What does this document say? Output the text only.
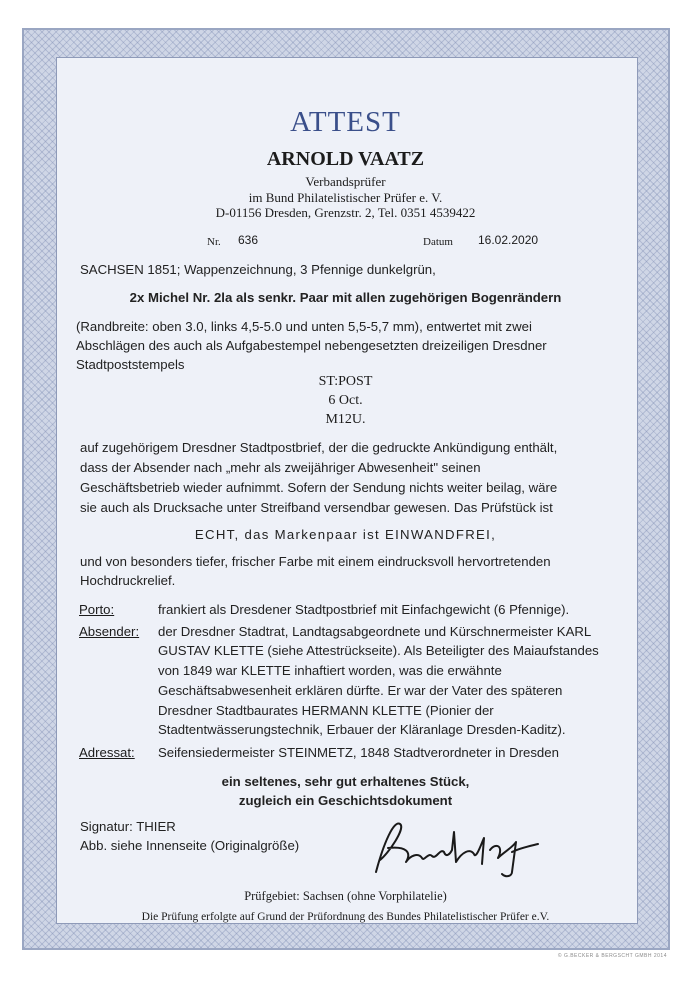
ATTEST
ARNOLD VAATZ
Verbandsprüfer
im Bund Philatelistischer Prüfer e. V.
D-01156 Dresden, Grenzstr. 2, Tel. 0351 4539422
Nr. 636	Datum 16.02.2020
SACHSEN 1851; Wappenzeichnung, 3 Pfennige dunkelgrün,
2x Michel Nr. 2la als senkr. Paar mit allen zugehörigen Bogenrändern
(Randbreite: oben 3.0, links 4,5-5.0 und unten 5,5-5,7 mm), entwertet mit zwei
Abschlägen des auch als Aufgabestempel nebengesetzten dreizeiligen Dresdner
Stadtpoststempels
ST:POST
6 Oct.
M12U.
auf zugehörigem Dresdner Stadtpostbrief, der die gedruckte Ankündigung enthält,
dass der Absender nach „mehr als zweijähriger Abwesenheit" seinen
Geschäftsbetrieb wieder aufnimmt. Sofern der Sendung nichts weiter beilag, wäre
sie auch als Drucksache unter Streifband versendbar gewesen. Das Prüfstück ist
ECHT, das Markenpaar ist EINWANDFREI,
und von besonders tiefer, frischer Farbe mit einem eindrucksvoll hervortretenden
Hochdruckrelief.
Porto:	frankiert als Dresdener Stadtpostbrief mit Einfachgewicht (6 Pfennige).
Absender: der Dresdner Stadtrat, Landtagsabgeordnete und Kürschnermeister KARL
GUSTAV KLETTE (siehe Attestrückseite). Als Beteiligter des Maiaufstandes
von 1849 war KLETTE inhaftiert worden, was die erwähnte
Geschäftsabwesenheit erklären dürfte. Er war der Vater des späteren
Dresdner Stadtbaurates HERMANN KLETTE (Pionier der
Stadtentwässerungstechnik, Erbauer der Kläranlage Dresden-Kaditz).
Adressat: Seifensiedermeister STEINMETZ, 1848 Stadtverordneter in Dresden
ein seltenes, sehr gut erhaltenes Stück,
zugleich ein Geschichtsdokument
Signatur: THIER
Abb. siehe Innenseite (Originalgröße)
Prüfgebiet: Sachsen (ohne Vorphilatelie)
Die Prüfung erfolgte auf Grund der Prüfordnung des Bundes Philatelistischer Prüfer e.V.
© G.BECKER & BERGSCHT GMBH 2014
